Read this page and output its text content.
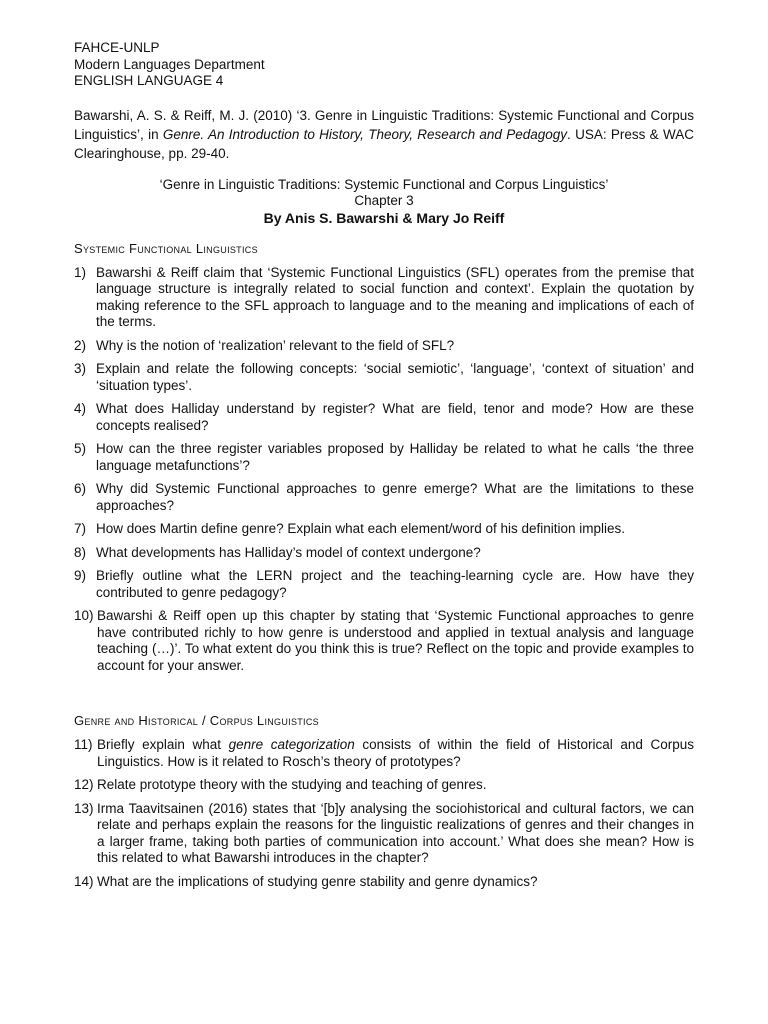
FAHCE-UNLP
Modern Languages Department
ENGLISH LANGUAGE 4
Bawarshi, A. S. & Reiff, M. J. (2010) ‘3. Genre in Linguistic Traditions: Systemic Functional and Corpus Linguistics’, in Genre. An Introduction to History, Theory, Research and Pedagogy. USA: Press & WAC Clearinghouse, pp. 29-40.
‘Genre in Linguistic Traditions: Systemic Functional and Corpus Linguistics’
Chapter 3
By Anis S. Bawarshi & Mary Jo Reiff
Systemic Functional Linguistics
1) Bawarshi & Reiff claim that ‘Systemic Functional Linguistics (SFL) operates from the premise that language structure is integrally related to social function and context’. Explain the quotation by making reference to the SFL approach to language and to the meaning and implications of each of the terms.
2) Why is the notion of ‘realization’ relevant to the field of SFL?
3) Explain and relate the following concepts: ‘social semiotic’, ‘language’, ‘context of situation’ and ‘situation types’.
4) What does Halliday understand by register? What are field, tenor and mode? How are these concepts realised?
5) How can the three register variables proposed by Halliday be related to what he calls ‘the three language metafunctions’?
6) Why did Systemic Functional approaches to genre emerge? What are the limitations to these approaches?
7) How does Martin define genre? Explain what each element/word of his definition implies.
8) What developments has Halliday’s model of context undergone?
9) Briefly outline what the LERN project and the teaching-learning cycle are. How have they contributed to genre pedagogy?
10) Bawarshi & Reiff open up this chapter by stating that ‘Systemic Functional approaches to genre have contributed richly to how genre is understood and applied in textual analysis and language teaching (…)’. To what extent do you think this is true? Reflect on the topic and provide examples to account for your answer.
Genre and Historical / Corpus Linguistics
11) Briefly explain what genre categorization consists of within the field of Historical and Corpus Linguistics. How is it related to Rosch’s theory of prototypes?
12) Relate prototype theory with the studying and teaching of genres.
13) Irma Taavitsainen (2016) states that ‘[b]y analysing the sociohistorical and cultural factors, we can relate and perhaps explain the reasons for the linguistic realizations of genres and their changes in a larger frame, taking both parties of communication into account.’ What does she mean? How is this related to what Bawarshi introduces in the chapter?
14) What are the implications of studying genre stability and genre dynamics?
